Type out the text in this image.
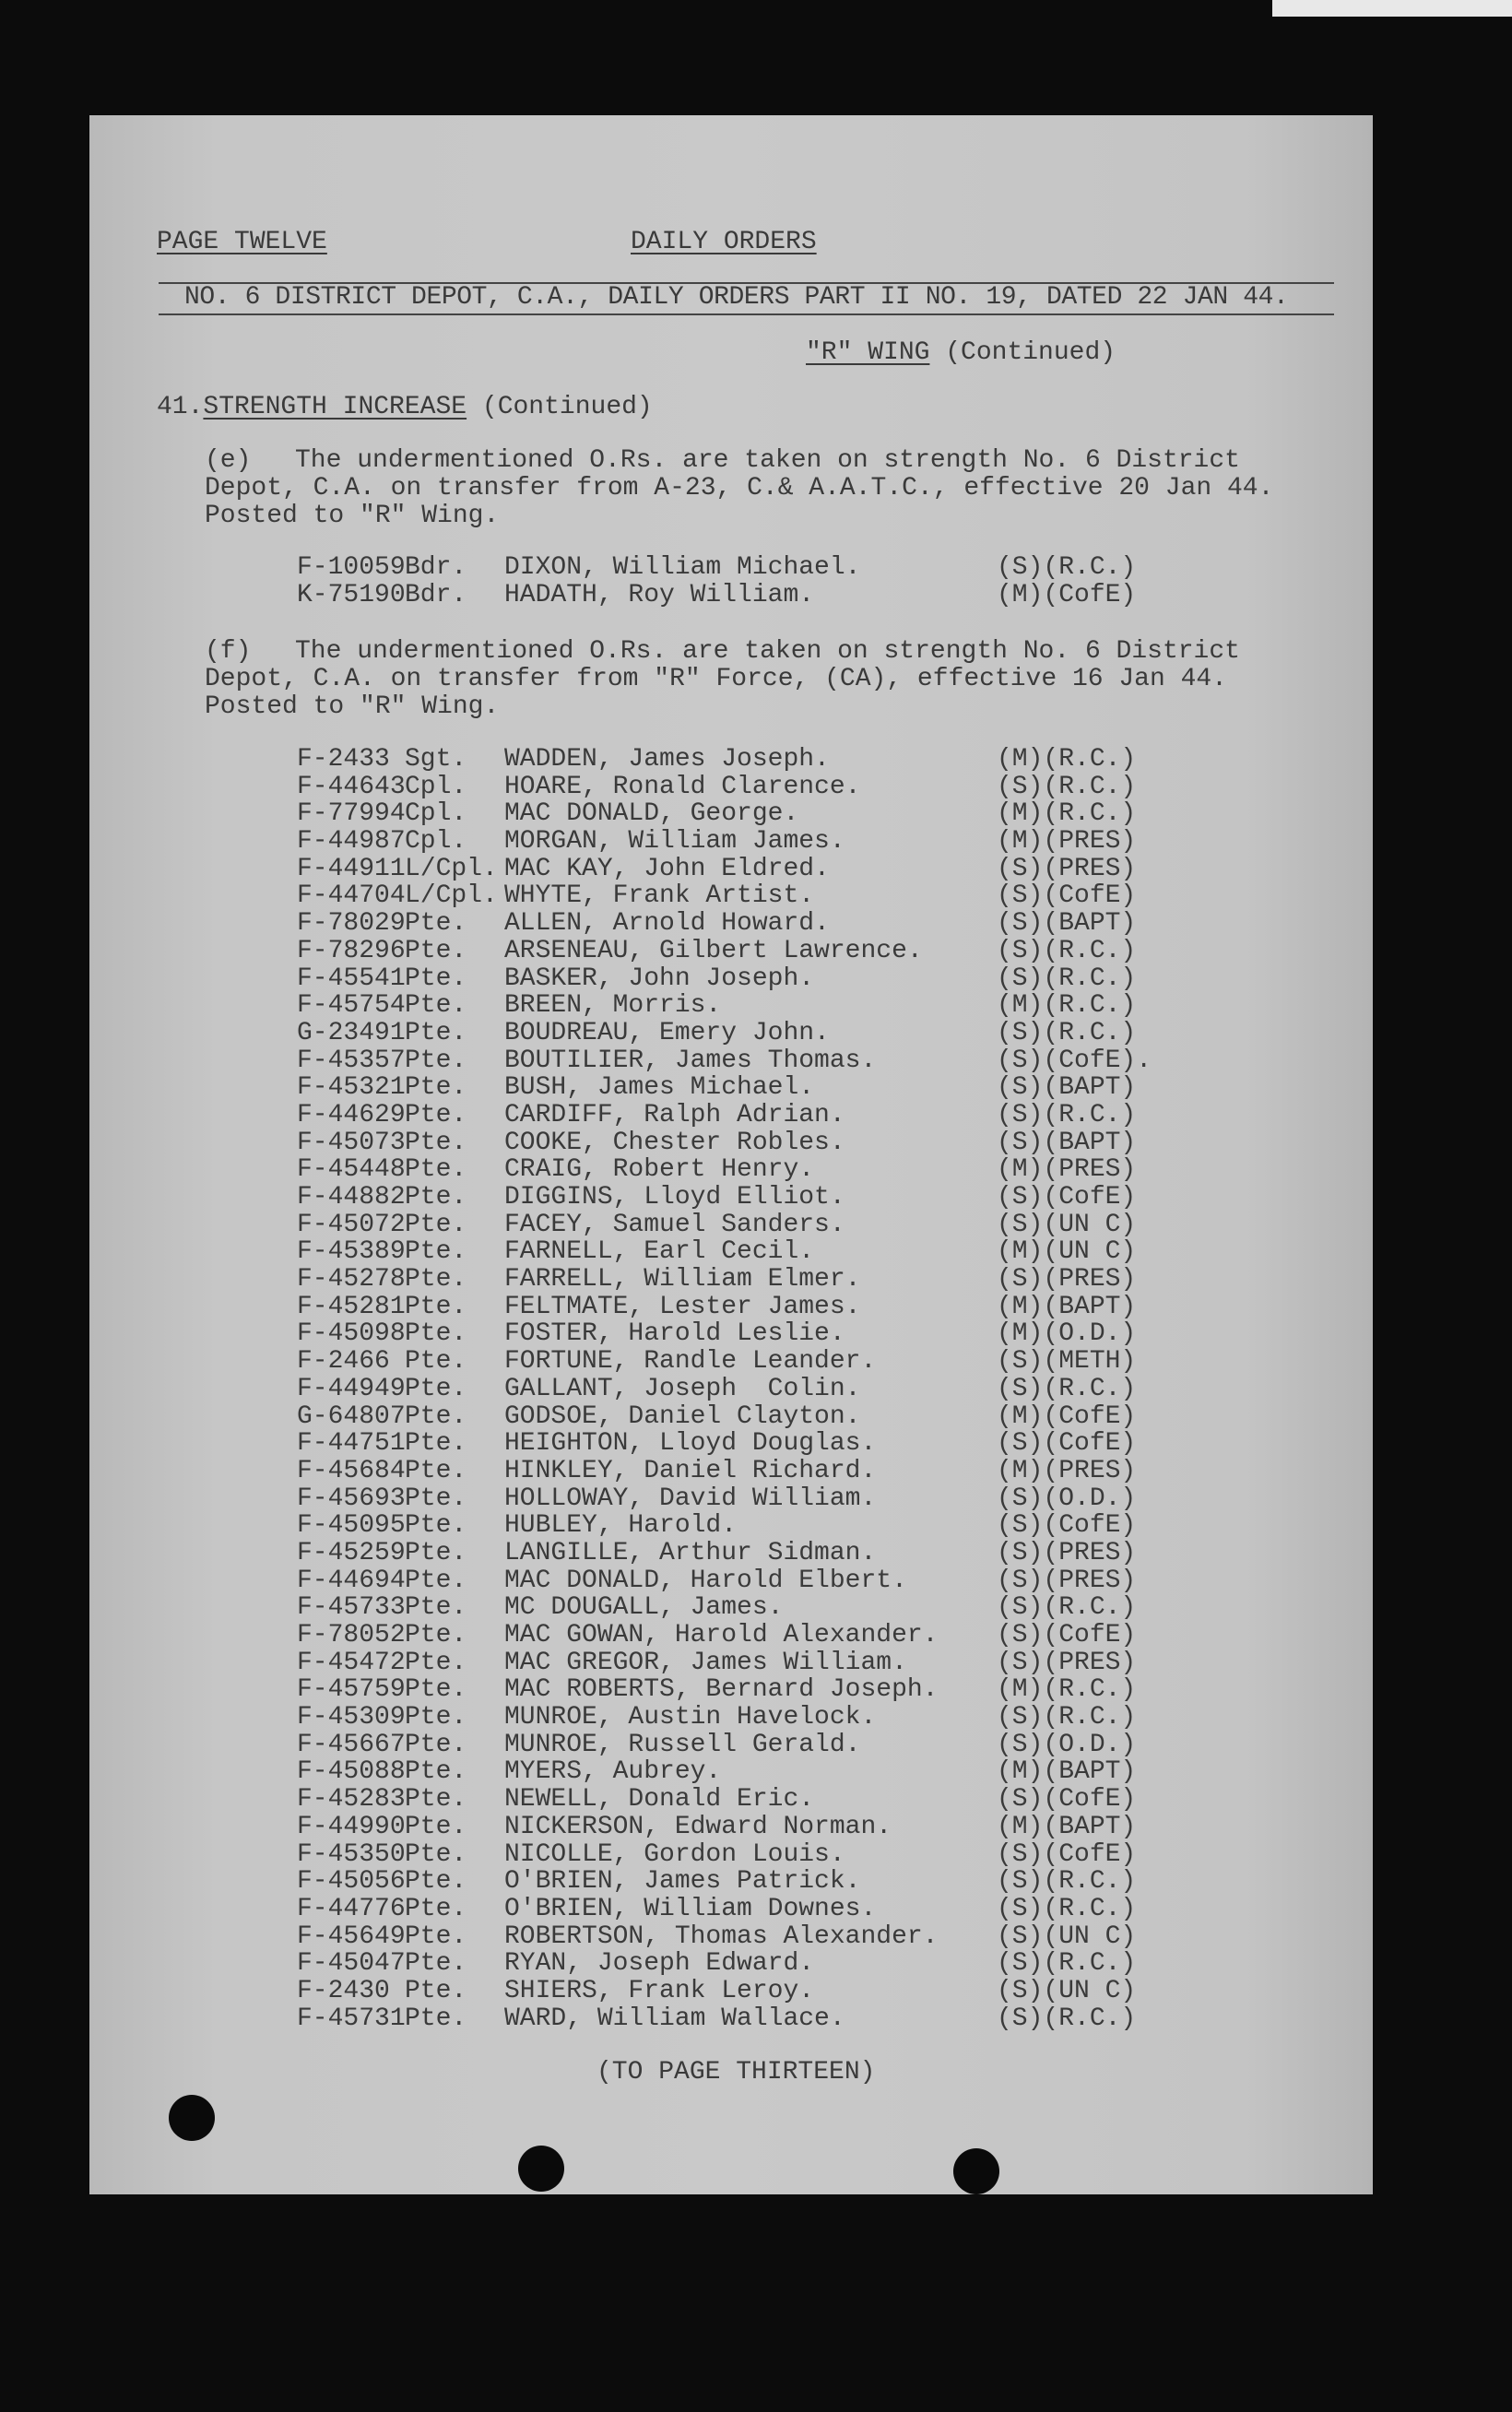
PAGE TWELVE	DAILY ORDERS
NO. 6 DISTRICT DEPOT, C.A., DAILY ORDERS PART II NO. 19, DATED 22 JAN 44.
"R" WING (Continued)
41.STRENGTH INCREASE (Continued)
(e) The undermentioned O.Rs. are taken on strength No. 6 District
Depot, C.A. on transfer from A-23, C.& A.A.T.C., effective 20 Jan 44.
Posted to "R" Wing.
F-10059 Bdr. DIXON, William Michael.	(S)(R.C.)
K-75190 Bdr. HADATH, Roy William.	(M)(CofE)
(f) The undermentioned O.Rs. are taken on strength No. 6 District
Depot, C.A. on transfer from "R" Force, (CA), effective 16 Jan 44.
Posted to "R" Wing.
F-2433 Sgt. WADDEN, James Joseph.	(M)(R.C.)
F-44643 Cpl. HOARE, Ronald Clarence.	(S)(R.C.)
F-77994 Cpl. MAC DONALD, George.	(M)(R.C.)
F-44987 Cpl. MORGAN, William James.	(M)(PRES)
F-44911 L/Cpl. MAC KAY, John Eldred.	(S)(PRES)
F-44704 L/Cpl. WHYTE, Frank Artist.	(S)(CofE)
F-78029 Pte. ALLEN, Arnold Howard.	(S)(BAPT)
F-78296 Pte. ARSENEAU, Gilbert Lawrence.	(S)(R.C.)
F-45541 Pte. BASKER, John Joseph.	(S)(R.C.)
F-45754 Pte. BREEN, Morris.	(M)(R.C.)
G-23491 Pte. BOUDREAU, Emery John.	(S)(R.C.)
F-45357 Pte. BOUTILIER, James Thomas.	(S)(CofE).
F-45321 Pte. BUSH, James Michael.	(S)(BAPT)
F-44629 Pte. CARDIFF, Ralph Adrian.	(S)(R.C.)
F-45073 Pte. COOKE, Chester Robles.	(S)(BAPT)
F-45448 Pte. CRAIG, Robert Henry.	(M)(PRES)
F-44882 Pte. DIGGINS, Lloyd Elliot.	(S)(CofE)
F-45072 Pte. FACEY, Samuel Sanders.	(S)(UN C)
F-45389 Pte. FARNELL, Earl Cecil.	(M)(UN C)
F-45278 Pte. FARRELL, William Elmer.	(S)(PRES)
F-45281 Pte. FELTMATE, Lester James.	(M)(BAPT)
F-45098 Pte. FOSTER, Harold Leslie.	(M)(O.D.)
F-2466 Pte. FORTUNE, Randle Leander.	(S)(METH)
F-44949 Pte. GALLANT, Joseph  Colin.	(S)(R.C.)
G-64807 Pte. GODSOE, Daniel Clayton.	(M)(CofE)
F-44751 Pte. HEIGHTON, Lloyd Douglas.	(S)(CofE)
F-45684 Pte. HINKLEY, Daniel Richard.	(M)(PRES)
F-45693 Pte. HOLLOWAY, David William.	(S)(O.D.)
F-45095 Pte. HUBLEY, Harold.	(S)(CofE)
F-45259 Pte. LANGILLE, Arthur Sidman.	(S)(PRES)
F-44694 Pte. MAC DONALD, Harold Elbert.	(S)(PRES)
F-45733 Pte. MC DOUGALL, James.	(S)(R.C.)
F-78052 Pte. MAC GOWAN, Harold Alexander. (S)(CofE)
F-45472 Pte. MAC GREGOR, James William.	(S)(PRES)
F-45759 Pte. MAC ROBERTS, Bernard Joseph. (M)(R.C.)
F-45309 Pte. MUNROE, Austin Havelock.	(S)(R.C.)
F-45667 Pte. MUNROE, Russell Gerald.	(S)(O.D.)
F-45088 Pte. MYERS, Aubrey.	(M)(BAPT)
F-45283 Pte. NEWELL, Donald Eric.	(S)(CofE)
F-44990 Pte. NICKERSON, Edward Norman.	(M)(BAPT)
F-45350 Pte. NICOLLE, Gordon Louis.	(S)(CofE)
F-45056 Pte. O'BRIEN, James Patrick.	(S)(R.C.)
F-44776 Pte. O'BRIEN, William Downes.	(S)(R.C.)
F-45649 Pte. ROBERTSON, Thomas Alexander. (S)(UN C)
F-45047 Pte. RYAN, Joseph Edward.	(S)(R.C.)
F-2430 Pte. SHIERS, Frank Leroy.	(S)(UN C)
F-45731 Pte. WARD, William Wallace.	(S)(R.C.)
(TO PAGE THIRTEEN)
